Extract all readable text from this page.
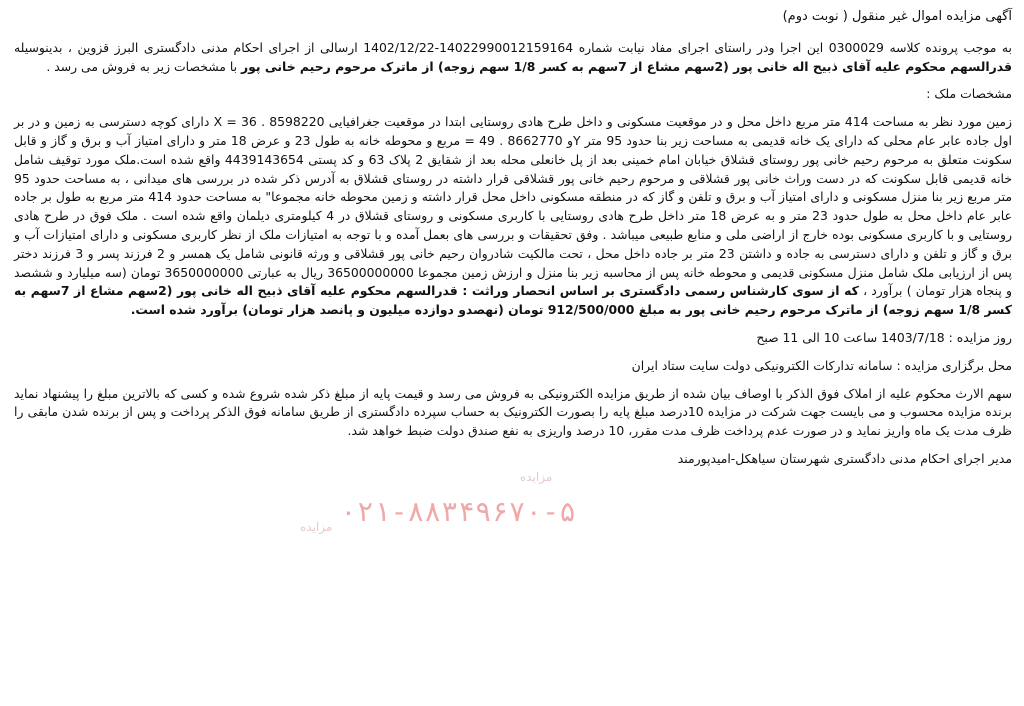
آگهی مزایده اموال غیر منقول ( نوبت دوم)

به موجب پرونده کلاسه 0300029 این اجرا ودر راستای اجرای مفاد نیابت شماره 14022990012159164-1402/12/22 ارسالی از اجرای احکام مدنی دادگستری البرز قزوین ، بدینوسیله قدرالسهم محکوم علیه آقای ذبیح اله خانی پور (2سهم مشاع از 7سهم به کسر 1/8 سهم زوجه) از ماترک مرحوم رحیم خانی پور با مشخصات زیر به فروش می رسد .

مشخصات ملک :

زمین مورد نظر به مساحت 414 متر مربع داخل محل و در موقعیت مسکونی و داخل طرح هادی روستایی ابتدا در موقعیت جغرافیایی 8598220 . 36 = X دارای کوچه دسترسی به زمین و در بر اول جاده عابر عام محلی که دارای یک خانه قدیمی به مساحت زیر بنا حدود 95 متر Yو 8662770 . 49 = مربع و محوطه خانه به طول 23 و عرض 18 متر و دارای امتیاز آب و برق و گاز و قابل سکونت متعلق به مرحوم رحیم خانی پور روستای قشلاق خیابان امام خمینی بعد از پل خانعلی محله بعد از شقایق 2 پلاک 63 و کد پستی 4439143654 واقع شده است.ملک مورد توقیف شامل خانه قدیمی قابل سکونت که در دست وراث خانی پور قشلاقی و مرحوم رحیم خانی پور قشلاقی قرار داشته در روستای قشلاق به آدرس ذکر شده در بررسی های میدانی ، به مساحت حدود 95 متر مربع زیر بنا منزل مسکونی و دارای امتیاز آب و برق و تلفن و گاز که در منطقه مسکونی داخل محل قرار داشته و زمین محوطه خانه مجموعا" به مساحت حدود 414 متر مربع به طول بر جاده عابر عام داخل محل به طول حدود 23 متر و به عرض 18 متر داخل طرح هادی روستایی با کاربری مسکونی و روستای قشلاق در 4 کیلومتری دیلمان واقع شده است . ملک فوق در طرح هادی روستایی و با کاربری مسکونی بوده خارج از اراضی ملی و منابع طبیعی میباشد . وفق تحقیقات و بررسی های بعمل آمده و با توجه به امتیازات ملک از نظر کاربری مسکونی و دارای امتیازات آب و برق و گاز و تلفن و دارای دسترسی به جاده و داشتن 23 متر بر جاده داخل محل ، تحت مالکیت شادروان رحیم خانی پور قشلاقی و ورثه قانونی شامل یک همسر و 2 فرزند پسر و 3 فرزند دختر پس از ارزیابی ملک شامل منزل مسکونی قدیمی و محوطه خانه پس از محاسبه زیر بنا منزل و ارزش زمین مجموعا 36500000000 ریال به عبارتی 3650000000 تومان (سه میلیارد و ششصد و پنجاه هزار تومان ) برآورد ، که از سوی کارشناس رسمی دادگستری بر اساس انحصار وراثت : قدرالسهم محکوم علیه آقای ذبیح اله خانی پور (2سهم مشاع از 7سهم به کسر 1/8 سهم زوجه) از ماترک مرحوم رحیم خانی پور به مبلغ 912/500/000 تومان (نهصدو دوازده میلیون و پانصد هزار تومان) برآورد شده است.

روز مزایده : 1403/7/18 ساعت 10 الی 11 صبح

محل برگزاری مزایده : سامانه تدارکات الکترونیکی دولت سایت ستاد ایران

سهم الارث محکوم علیه از املاک فوق الذکر با اوصاف بیان شده از طریق مزایده الکترونیکی به فروش می رسد و قیمت پایه از مبلغ ذکر شده شروع شده و کسی که بالاترین مبلغ را پیشنهاد نماید برنده مزایده محسوب و می بایست جهت شرکت در مزایده 10درصد مبلغ پایه را بصورت الکترونیک به حساب سپرده دادگستری از طریق سامانه فوق الذکر پرداخت و پس از برنده شدن مابقی را ظرف مدت یک ماه واریز نماید و در صورت عدم پرداخت ظرف مدت مقرر، 10 درصد واریزی به نفع صندق دولت ضبط خواهد شد.

مدیر اجرای احکام مدنی دادگستری شهرستان سیاهکل-امیدپورمند

۰۲۱-۸۸۳۴۹۶۷۰-۵
مزایده
مزایده
